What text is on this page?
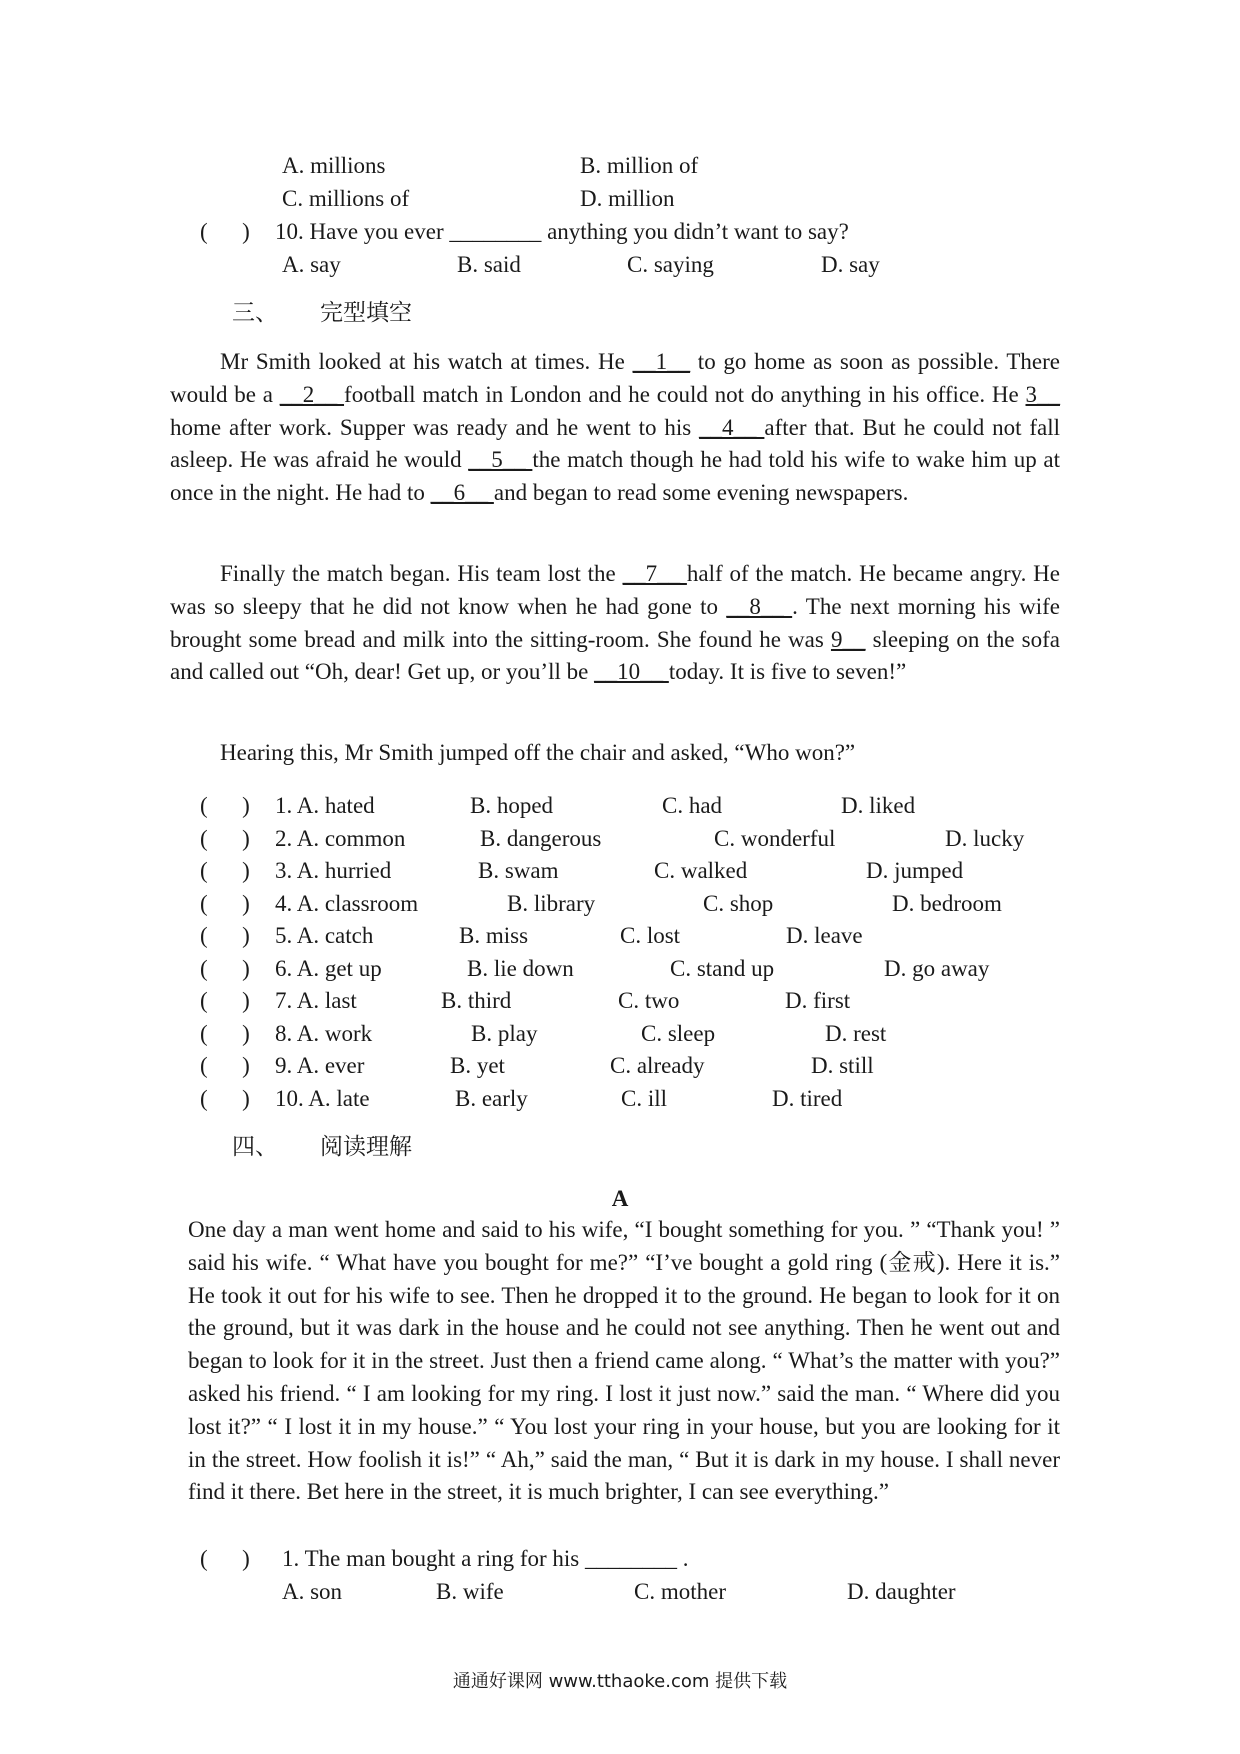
A. millions	B. million of
C. millions of	D. million
(      ) 10. Have you ever ________ anything you didn’t want to say?
A. say	B. said	C. saying	D. say
三、 完型填空

Mr Smith looked at his watch at times. He __1__ to go home as soon as possible. There would be a __2__ football match in London and he could not do anything in his office. He 3__ home after work. Supper was ready and he went to his __4__ after that. But he could not fall asleep. He was afraid he would __5__ the match though he had told his wife to wake him up at once in the night. He had to __6__ and began to read some evening newspapers.

Finally the match began. His team lost the __7__ half of the match. He became angry. He was so sleepy that he did not know when he had gone to __8__ . The next morning his wife brought some bread and milk into the sitting-room. She found he was 9__ sleeping on the sofa and called out “Oh, dear! Get up, or you’ll be __10__ today. It is five to seven!”

Hearing this, Mr Smith jumped off the chair and asked, “Who won?”

(      ) 1. A. hated	B. hoped	C. had	D. liked
(      ) 2. A. common	B. dangerous	C. wonderful	D. lucky
(      ) 3. A. hurried	B. swam	C. walked	D. jumped
(      ) 4. A. classroom	B. library	C. shop	D. bedroom
(      ) 5. A. catch	B. miss	C. lost	D. leave
(      ) 6. A. get up	B. lie down	C. stand up	D. go away
(      ) 7. A. last	B. third	C. two	D. first
(      ) 8. A. work	B. play	C. sleep	D. rest
(      ) 9. A. ever	B. yet	C. already	D. still
(      ) 10. A. late	B. early	C. ill	D. tired
四、 阅读理解
A
One day a man went home and said to his wife, “I bought something for you. ” “Thank you! ” said his wife. “ What have you bought for me?” “I’ve bought a gold ring (金戒). Here it is.” He took it out for his wife to see. Then he dropped it to the ground. He began to look for it on the ground, but it was dark in the house and he could not see anything. Then he went out and began to look for it in the street. Just then a friend came along. “ What’s the matter with you?” asked his friend. “ I am looking for my ring. I lost it just now.” said the man. “ Where did you lost it?” “ I lost it in my house.” “ You lost your ring in your house, but you are looking for it in the street. How foolish it is!” “ Ah,” said the man, “ But it is dark in my house. I shall never find it there. Bet here in the street, it is much brighter, I can see everything.”
(      ) 1. The man bought a ring for his ________ .
A. son	B. wife	C. mother	D. daughter
通通好课网 www.tthaoke.com 提供下载
